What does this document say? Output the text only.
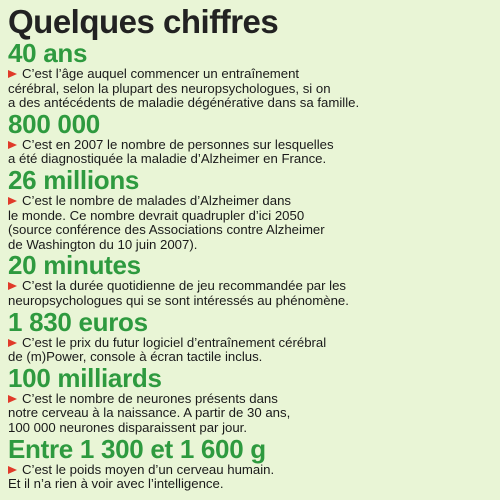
Quelques chiffres
40 ans
C’est l’âge auquel commencer un entraînement
cérébral, selon la plupart des neuropsychologues, si on
a des antécédents de maladie dégénérative dans sa famille.
800 000
C’est en 2007 le nombre de personnes sur lesquelles
a été diagnostiquée la maladie d’Alzheimer en France.
26 millions
C’est le nombre de malades d’Alzheimer dans
le monde. Ce nombre devrait quadrupler d’ici 2050
(source conférence des Associations contre Alzheimer
de Washington du 10 juin 2007).
20 minutes
C’est la durée quotidienne de jeu recommandée par les
neuropsychologues qui se sont intéressés au phénomène.
1 830 euros
C’est le prix du futur logiciel d’entraînement cérébral
de (m)Power, console à écran tactile inclus.
100 milliards
C’est le nombre de neurones présents dans
notre cerveau à la naissance. A partir de 30 ans,
100 000 neurones disparaissent par jour.
Entre 1 300 et 1 600 g
C’est le poids moyen d’un cerveau humain.
Et il n’a rien à voir avec l’intelligence.
